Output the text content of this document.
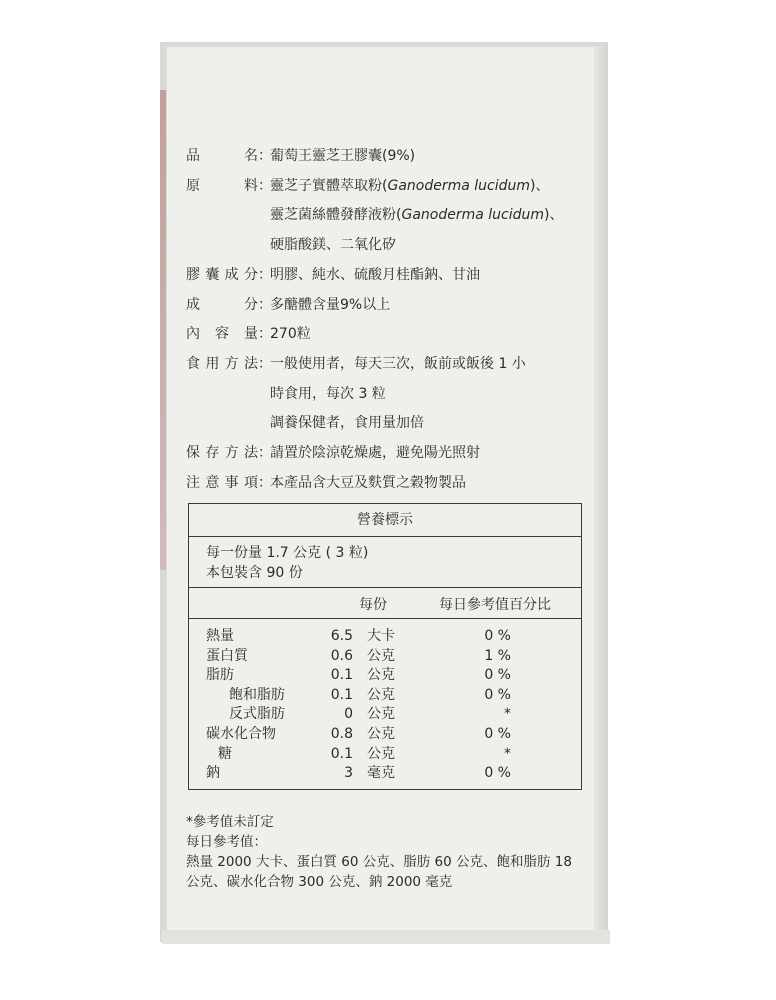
品	名 ：
葡萄王靈芝王膠囊(9%)
原	料 ：
靈芝子實體萃取粉(Ganoderma lucidum)、
靈芝菌絲體發酵液粉(Ganoderma lucidum)、
硬脂酸鎂、二氧化矽
膠 囊 成 分 ：
明膠、純水、硫酸月桂酯鈉、甘油
成	分 ：
多醣體含量9%以上
內 容 量 ：
270粒
食 用 方 法 ：
一般使用者，每天三次，飯前或飯後 1 小
時食用，每次 3 粒
調養保健者，食用量加倍
保 存 方 法 ：
請置於陰涼乾燥處，避免陽光照射
注 意 事 項 ：
本產品含大豆及麩質之穀物製品
營養標示
每一份量 1.7 公克 ( 3 粒)
本包裝含 90 份
每份	每日參考值百分比
熱量	6.5 大卡	0 %
蛋白質	0.6 公克	1 %
脂肪	0.1 公克	0 %
飽和脂肪	0.1 公克	0 %
反式脂肪	0 公克	*
碳水化合物	0.8 公克	0 %
糖	0.1 公克	*
鈉	3 毫克	0 %
*參考值未訂定
每日參考值：
熱量 2000 大卡、蛋白質 60 公克、脂肪 60 公克、飽和脂肪 18
公克、碳水化合物 300 公克、鈉 2000 毫克
